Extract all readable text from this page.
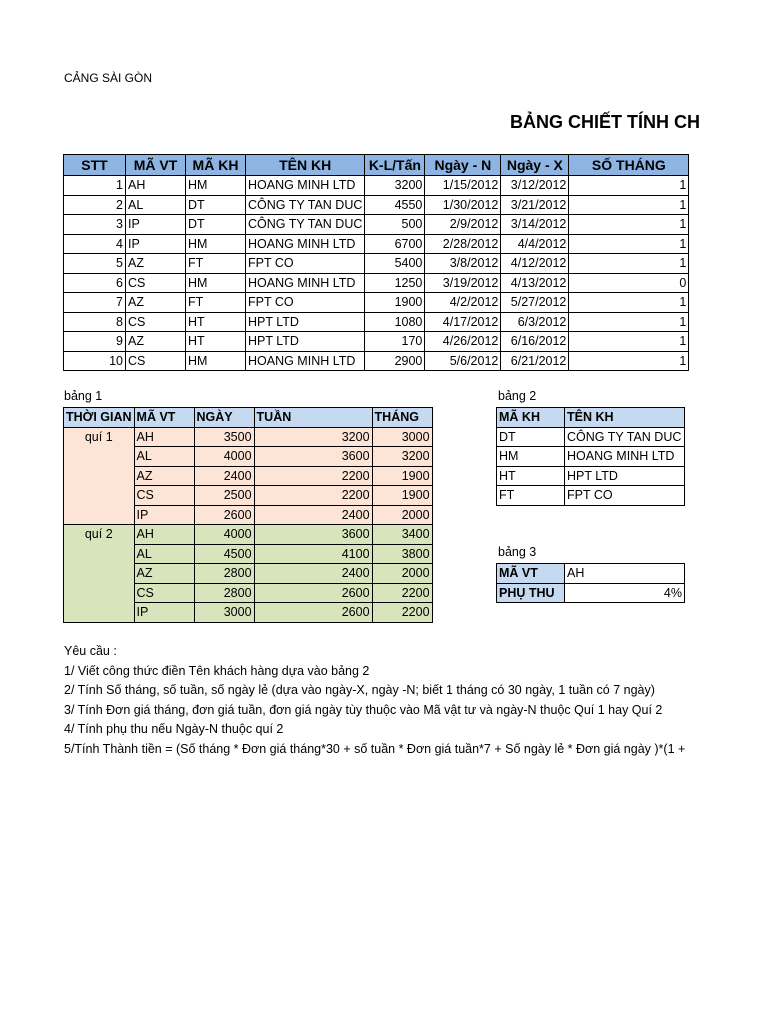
CẢNG SÀI GÒN
BẢNG CHIẾT TÍNH CH
STT	MÃ VT	MÃ KH	TÊN KH	K-L/Tấn	Ngày - N	Ngày - X	SỐ THÁNG
1	AH	HM	HOANG MINH LTD	3200	1/15/2012	3/12/2012	1
2	AL	DT	CÔNG TY TAN DUC	4550	1/30/2012	3/21/2012	1
3	IP	DT	CÔNG TY TAN DUC	500	2/9/2012	3/14/2012	1
4	IP	HM	HOANG MINH LTD	6700	2/28/2012	4/4/2012	1
5	AZ	FT	FPT CO	5400	3/8/2012	4/12/2012	1
6	CS	HM	HOANG MINH LTD	1250	3/19/2012	4/13/2012	0
7	AZ	FT	FPT CO	1900	4/2/2012	5/27/2012	1
8	CS	HT	HPT LTD	1080	4/17/2012	6/3/2012	1
9	AZ	HT	HPT LTD	170	4/26/2012	6/16/2012	1
10	CS	HM	HOANG MINH LTD	2900	5/6/2012	6/21/2012	1
bảng 1
THỜI GIAN	MÃ VT	NGÀY	TUẦN	THÁNG
quí 1	AH	3500	3200	3000
	AL	4000	3600	3200
	AZ	2400	2200	1900
	CS	2500	2200	1900
	IP	2600	2400	2000
quí 2	AH	4000	3600	3400
	AL	4500	4100	3800
	AZ	2800	2400	2000
	CS	2800	2600	2200
	IP	3000	2600	2200
bảng 2
MÃ KH	TÊN KH
DT	CÔNG TY TAN DUC
HM	HOANG MINH LTD
HT	HPT LTD
FT	FPT CO
bảng 3
MÃ VT	AH
PHỤ THU	4%
Yêu cầu :
1/ Viết công thức điền Tên khách hàng dựa vào bảng 2
2/ Tính Số tháng, số tuần, số ngày lẻ (dựa vào ngày-X, ngày -N; biết 1 tháng có 30 ngày, 1 tuần có 7 ngày)
3/ Tính Đơn giá tháng, đơn giá tuần, đơn giá ngày tùy thuộc vào Mã vật tư và ngày-N thuộc Quí 1 hay Quí 2
4/ Tính phụ thu nếu Ngày-N thuộc quí 2
5/Tính Thành tiền = (Số tháng * Đơn giá tháng*30 + số tuần * Đơn giá tuần*7 + Số ngày lẻ * Đơn giá ngày )*(1 +
